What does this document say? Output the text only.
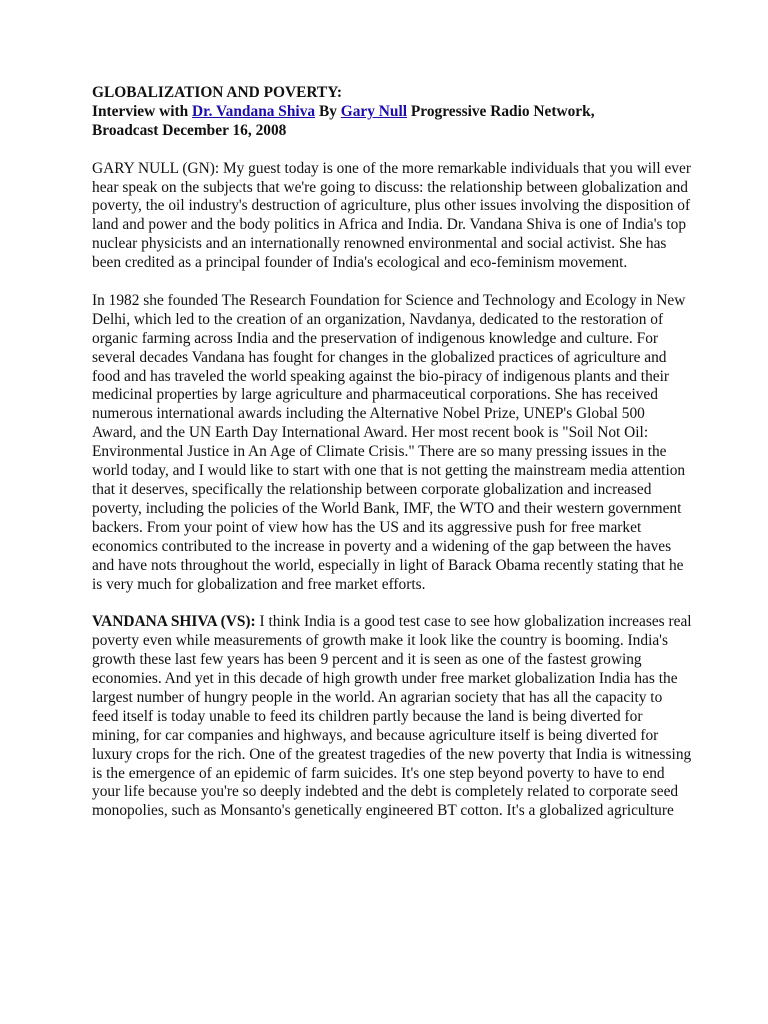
GLOBALIZATION AND POVERTY:
Interview with Dr. Vandana Shiva By Gary Null Progressive Radio Network,
Broadcast December 16, 2008

GARY NULL (GN): My guest today is one of the more remarkable individuals that you will ever hear speak on the subjects that we're going to discuss: the relationship between globalization and poverty, the oil industry's destruction of agriculture, plus other issues involving the disposition of land and power and the body politics in Africa and India. Dr. Vandana Shiva is one of India's top nuclear physicists and an internationally renowned environmental and social activist. She has been credited as a principal founder of India's ecological and eco-feminism movement.

In 1982 she founded The Research Foundation for Science and Technology and Ecology in New Delhi, which led to the creation of an organization, Navdanya, dedicated to the restoration of organic farming across India and the preservation of indigenous knowledge and culture. For several decades Vandana has fought for changes in the globalized practices of agriculture and food and has traveled the world speaking against the bio-piracy of indigenous plants and their medicinal properties by large agriculture and pharmaceutical corporations. She has received numerous international awards including the Alternative Nobel Prize, UNEP's Global 500 Award, and the UN Earth Day International Award. Her most recent book is "Soil Not Oil: Environmental Justice in An Age of Climate Crisis." There are so many pressing issues in the world today, and I would like to start with one that is not getting the mainstream media attention that it deserves, specifically the relationship between corporate globalization and increased poverty, including the policies of the World Bank, IMF, the WTO and their western government backers. From your point of view how has the US and its aggressive push for free market economics contributed to the increase in poverty and a widening of the gap between the haves and have nots throughout the world, especially in light of Barack Obama recently stating that he is very much for globalization and free market efforts.

VANDANA SHIVA (VS): I think India is a good test case to see how globalization increases real poverty even while measurements of growth make it look like the country is booming. India's growth these last few years has been 9 percent and it is seen as one of the fastest growing economies. And yet in this decade of high growth under free market globalization India has the largest number of hungry people in the world. An agrarian society that has all the capacity to feed itself is today unable to feed its children partly because the land is being diverted for mining, for car companies and highways, and because agriculture itself is being diverted for luxury crops for the rich. One of the greatest tragedies of the new poverty that India is witnessing is the emergence of an epidemic of farm suicides. It's one step beyond poverty to have to end your life because you're so deeply indebted and the debt is completely related to corporate seed monopolies, such as Monsanto's genetically engineered BT cotton. It's a globalized agriculture
